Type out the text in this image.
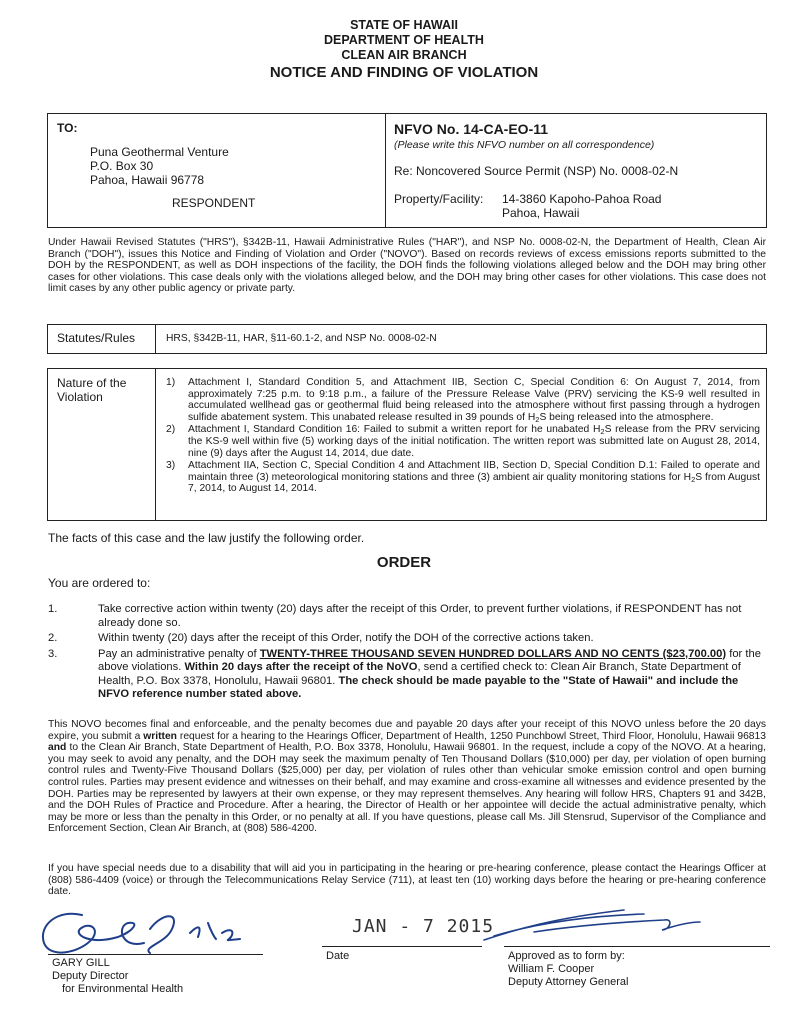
STATE OF HAWAII
DEPARTMENT OF HEALTH
CLEAN AIR BRANCH
NOTICE AND FINDING OF VIOLATION
TO:
Puna Geothermal Venture
P.O. Box 30
Pahoa, Hawaii 96778
RESPONDENT
NFVO No. 14-CA-EO-11
(Please write this NFVO number on all correspondence)
Re: Noncovered Source Permit (NSP) No. 0008-02-N
Property/Facility: 14-3860 Kapoho-Pahoa Road
Pahoa, Hawaii
Under Hawaii Revised Statutes ("HRS"), §342B-11, Hawaii Administrative Rules ("HAR"), and NSP No. 0008-02-N, the Department of Health, Clean Air Branch ("DOH"), issues this Notice and Finding of Violation and Order ("NOVO"). Based on records reviews of excess emissions reports submitted to the DOH by the RESPONDENT, as well as DOH inspections of the facility, the DOH finds the following violations alleged below and the DOH may bring other cases for other violations. This case deals only with the violations alleged below, and the DOH may bring other cases for other violations. This case does not limit cases by any other public agency or private party.
Statutes/Rules	HRS, §342B-11, HAR, §11-60.1-2, and NSP No. 0008-02-N
Nature of the
Violation
1) Attachment I, Standard Condition 5, and Attachment IIB, Section C, Special Condition 6: On August 7, 2014, from approximately 7:25 p.m. to 9:18 p.m., a failure of the Pressure Release Valve (PRV) servicing the KS-9 well resulted in accumulated wellhead gas or geothermal fluid being released into the atmosphere without first passing through a hydrogen sulfide abatement system. This unabated release resulted in 39 pounds of $H_2S$ being released into the atmosphere.
2) Attachment I, Standard Condition 16: Failed to submit a written report for he unabated $H_2S$ release from the PRV servicing the KS-9 well within five (5) working days of the initial notification. The written report was submitted late on August 28, 2014, nine (9) days after the August 14, 2014, due date.
3) Attachment IIA, Section C, Special Condition 4 and Attachment IIB, Section D, Special Condition D.1: Failed to operate and maintain three (3) meteorological monitoring stations and three (3) ambient air quality monitoring stations for $H_2S$ from August 7, 2014, to August 14, 2014.
The facts of this case and the law justify the following order.
ORDER
You are ordered to:
1.	Take corrective action within twenty (20) days after the receipt of this Order, to prevent further violations, if RESPONDENT has not already done so.
2.	Within twenty (20) days after the receipt of this Order, notify the DOH of the corrective actions taken.
3.	Pay an administrative penalty of TWENTY-THREE THOUSAND SEVEN HUNDRED DOLLARS AND NO CENTS ($23,700.00) for the above violations. Within 20 days after the receipt of the NoVO, send a certified check to: Clean Air Branch, State Department of Health, P.O. Box 3378, Honolulu, Hawaii 96801. The check should be made payable to the "State of Hawaii" and include the NFVO reference number stated above.
This NOVO becomes final and enforceable, and the penalty becomes due and payable 20 days after your receipt of this NOVO unless before the 20 days expire, you submit a written request for a hearing to the Hearings Officer, Department of Health, 1250 Punchbowl Street, Third Floor, Honolulu, Hawaii 96813 and to the Clean Air Branch, State Department of Health, P.O. Box 3378, Honolulu, Hawaii 96801. In the request, include a copy of the NOVO. At a hearing, you may seek to avoid any penalty, and the DOH may seek the maximum penalty of Ten Thousand Dollars ($10,000) per day, per violation of open burning control rules and Twenty-Five Thousand Dollars ($25,000) per day, per violation of rules other than vehicular smoke emission control and open burning control rules. Parties may present evidence and witnesses on their behalf, and may examine and cross-examine all witnesses and evidence presented by the DOH. Parties may be represented by lawyers at their own expense, or they may represent themselves. Any hearing will follow HRS, Chapters 91 and 342B, and the DOH Rules of Practice and Procedure. After a hearing, the Director of Health or her appointee will decide the actual administrative penalty, which may be more or less than the penalty in this Order, or no penalty at all. If you have questions, please call Ms. Jill Stensrud, Supervisor of the Compliance and Enforcement Section, Clean Air Branch, at (808) 586-4200.
If you have special needs due to a disability that will aid you in participating in the hearing or pre-hearing conference, please contact the Hearings Officer at (808) 586-4409 (voice) or through the Telecommunications Relay Service (711), at least ten (10) working days before the hearing or pre-hearing conference date.
GARY GILL
Deputy Director
for Environmental Health
JAN - 7 2015
Date	Approved as to form by:
William F. Cooper
Deputy Attorney General
